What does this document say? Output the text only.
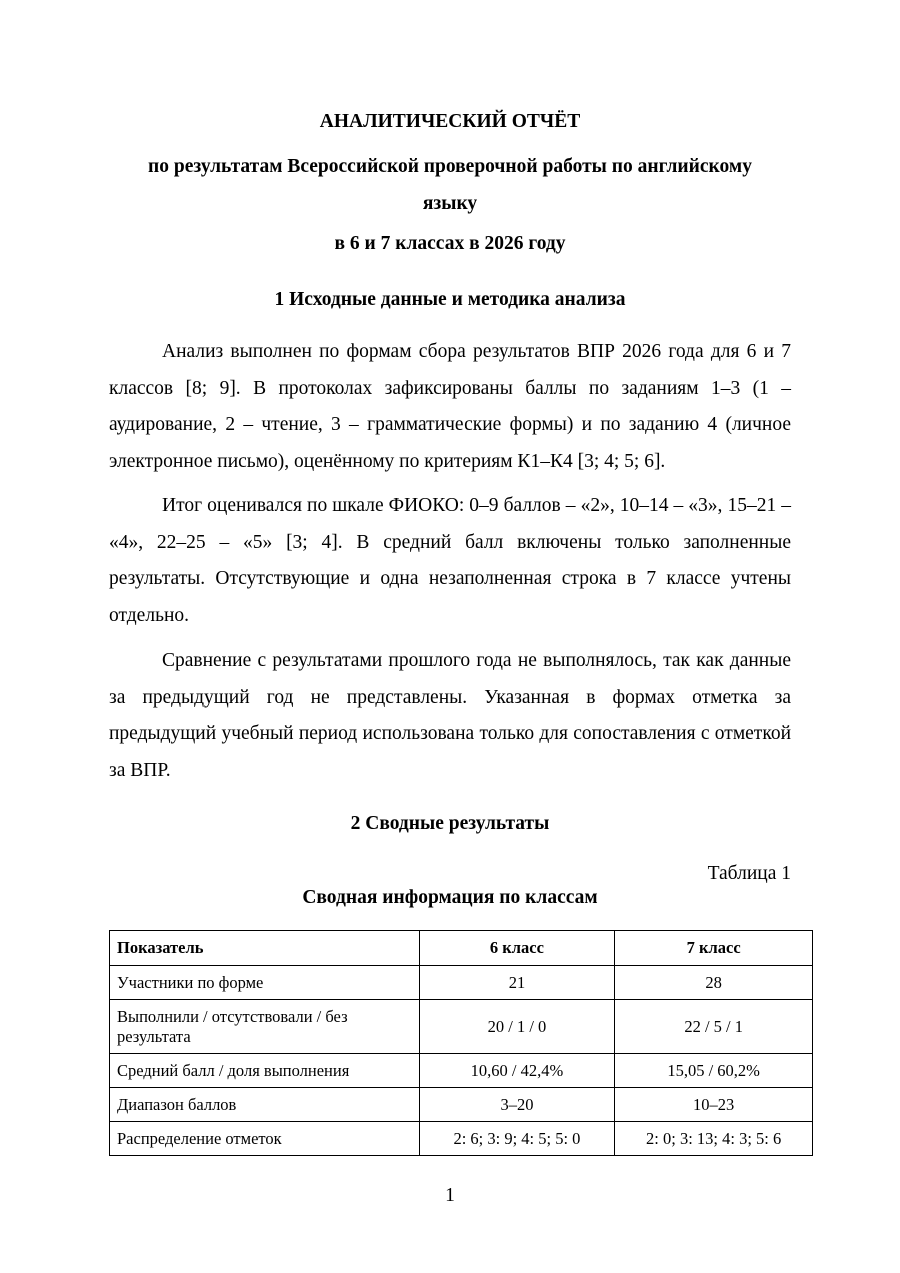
АНАЛИТИЧЕСКИЙ ОТЧЁТ
по результатам Всероссийской проверочной работы по английскому
языку
в 6 и 7 классах в 2026 году
1 Исходные данные и методика анализа

Анализ выполнен по формам сбора результатов ВПР 2026 года для 6 и 7 классов [8; 9]. В протоколах зафиксированы баллы по заданиям 1–3 (1 – аудирование, 2 – чтение, 3 – грамматические формы) и по заданию 4 (личное электронное письмо), оценённому по критериям К1–К4 [3; 4; 5; 6].

Итог оценивался по шкале ФИОКО: 0–9 баллов – «2», 10–14 – «3», 15–21 – «4», 22–25 – «5» [3; 4]. В средний балл включены только заполненные результаты. Отсутствующие и одна незаполненная строка в 7 классе учтены отдельно.

Сравнение с результатами прошлого года не выполнялось, так как данные за предыдущий год не представлены. Указанная в формах отметка за предыдущий учебный период использована только для сопоставления с отметкой за ВПР.

2 Сводные результаты
Таблица 1
Сводная информация по классам
Показатель	6 класс	7 класс
Участники по форме	21	28
Выполнили / отсутствовали / без результата	20 / 1 / 0	22 / 5 / 1
Средний балл / доля выполнения	10,60 / 42,4%	15,05 / 60,2%
Диапазон баллов	3–20	10–23
Распределение отметок	2: 6; 3: 9; 4: 5; 5: 0	2: 0; 3: 13; 4: 3; 5: 6
1
